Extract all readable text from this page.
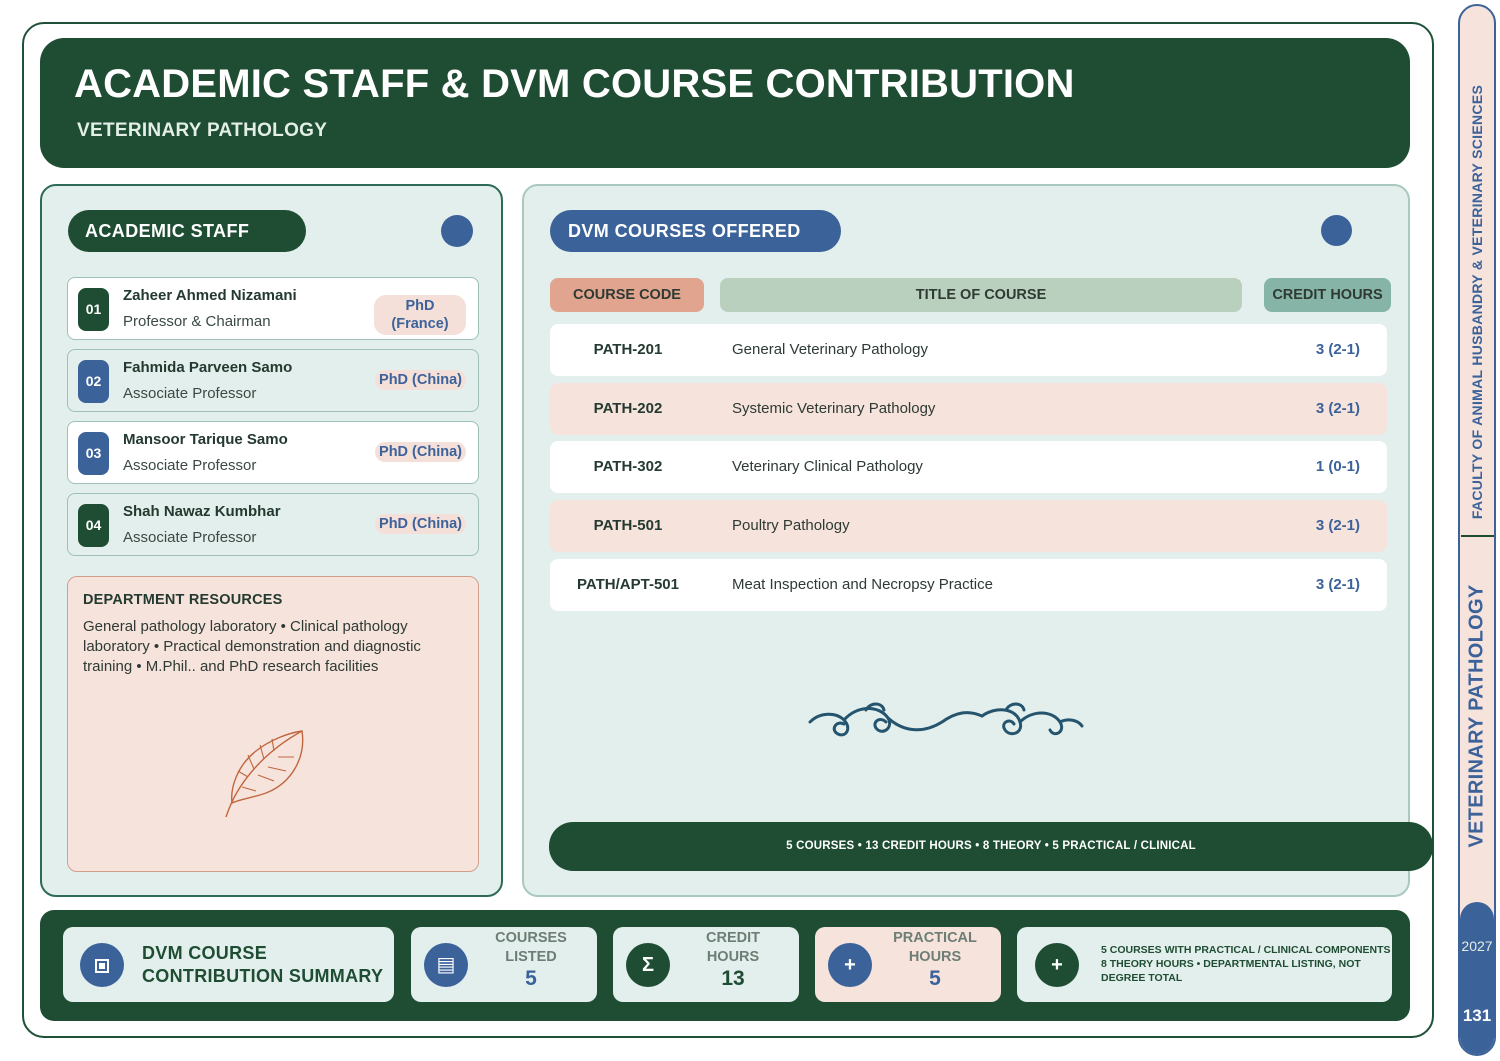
ACADEMIC STAFF & DVM COURSE CONTRIBUTION
VETERINARY PATHOLOGY
ACADEMIC STAFF
01
Zaheer Ahmed Nizamani
Professor & Chairman
PhD (France)
02
Fahmida Parveen Samo
Associate Professor
PhD (China)
03
Mansoor Tarique Samo
Associate Professor
PhD (China)
04
Shah Nawaz Kumbhar
Associate Professor
PhD (China)
DEPARTMENT RESOURCES

General pathology laboratory • Clinical pathology laboratory • Practical demonstration and diagnostic training • M.Phil.. and PhD research facilities

DVM COURSES OFFERED
COURSE CODE	TITLE OF COURSE	CREDIT HOURS
PATH-201	General Veterinary Pathology	3 (2-1)
PATH-202	Systemic Veterinary Pathology	3 (2-1)
PATH-302	Veterinary Clinical Pathology	1 (0-1)
PATH-501	Poultry Pathology	3 (2-1)
PATH/APT-501	Meat Inspection and Necropsy Practice	3 (2-1)
5 COURSES • 13 CREDIT HOURS • 8 THEORY • 5 PRACTICAL / CLINICAL
DVM COURSE
CONTRIBUTION SUMMARY	▤
COURSES
LISTED
5
Σ
CREDIT
HOURS
13
+
PRACTICAL
HOURS
5
+
5 COURSES WITH PRACTICAL / CLINICAL COMPONENTS
8 THEORY HOURS • DEPARTMENTAL LISTING, NOT
DEGREE TOTAL
FACULTY OF ANIMAL HUSBANDRY & VETERINARY SCIENCES
VETERINARY PATHOLOGY
2027
131
